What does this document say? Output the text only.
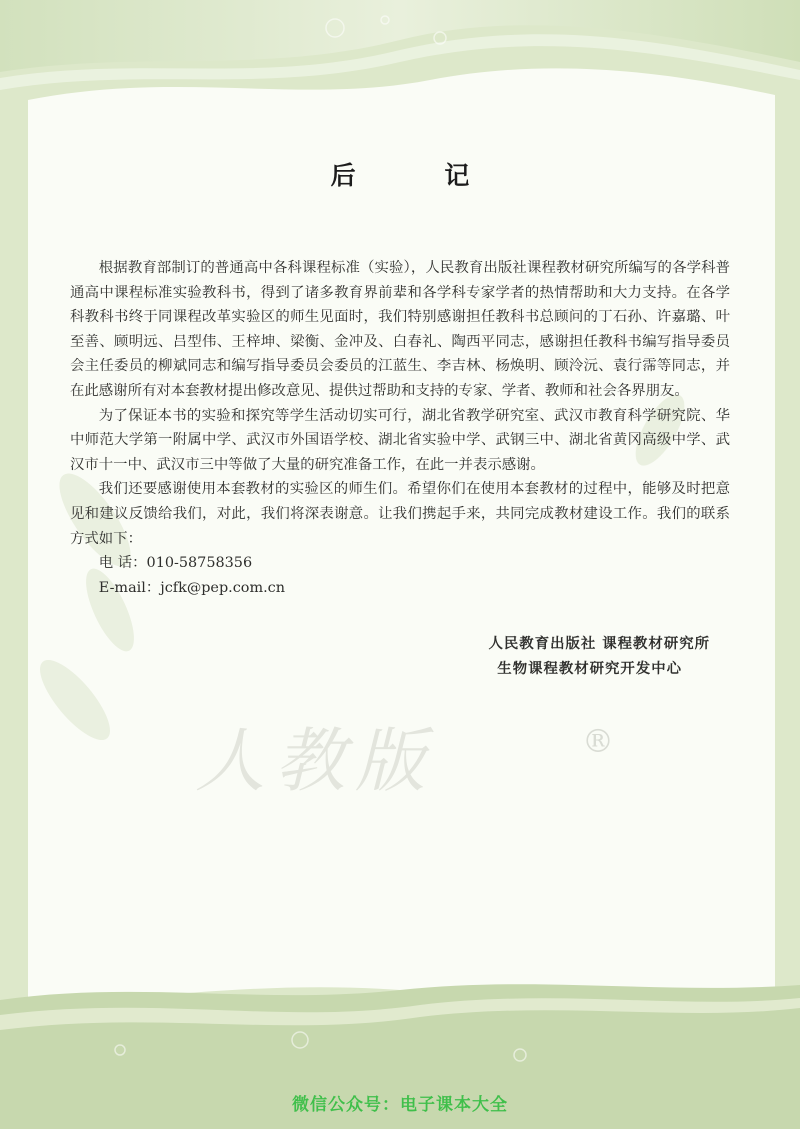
后 记

根据教育部制订的普通高中各科课程标准（实验），人民教育出版社课程教材研究所编写的各学科普通高中课程标准实验教科书，得到了诸多教育界前辈和各学科专家学者的热情帮助和大力支持。在各学科教科书终于同课程改革实验区的师生见面时，我们特别感谢担任教科书总顾问的丁石孙、许嘉璐、叶至善、顾明远、吕型伟、王梓坤、梁衡、金冲及、白春礼、陶西平同志，感谢担任教科书编写指导委员会主任委员的柳斌同志和编写指导委员会委员的江蓝生、李吉林、杨焕明、顾泠沅、袁行霈等同志，并在此感谢所有对本套教材提出修改意见、提供过帮助和支持的专家、学者、教师和社会各界朋友。

为了保证本书的实验和探究等学生活动切实可行，湖北省教学研究室、武汉市教育科学研究院、华中师范大学第一附属中学、武汉市外国语学校、湖北省实验中学、武钢三中、湖北省黄冈高级中学、武汉市十一中、武汉市三中等做了大量的研究准备工作，在此一并表示感谢。

我们还要感谢使用本套教材的实验区的师生们。希望你们在使用本套教材的过程中，能够及时把意见和建议反馈给我们，对此，我们将深表谢意。让我们携起手来，共同完成教材建设工作。我们的联系方式如下：

电 话：010-58758356
E-mail：jcfk@pep.com.cn
人民教育出版社 课程教材研究所
生物课程教材研究开发中心
人教版	®
微信公众号：电子课本大全
